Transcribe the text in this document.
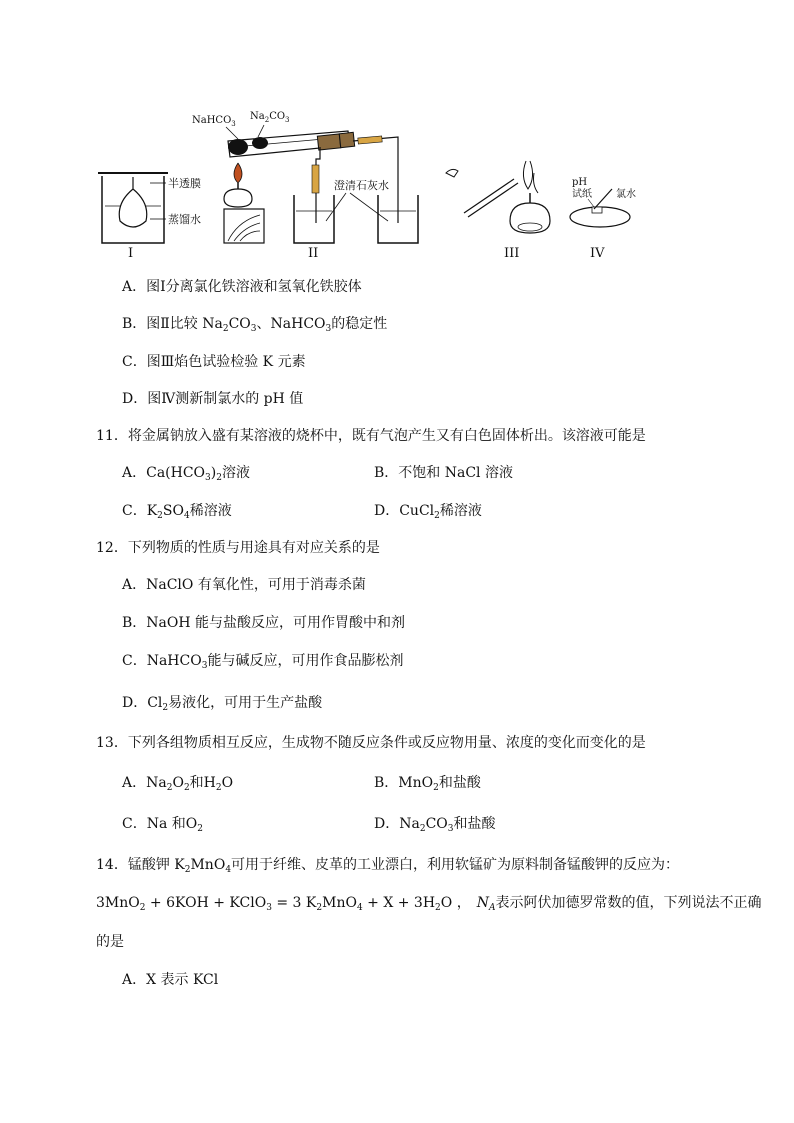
半透膜
蒸馏水
I
NaHCO$_3$
$Na_2CO_3$
澄清石灰水
II	III
pH
试纸 氯水
IV
A．图Ⅰ分离氯化铁溶液和氢氧化铁胶体
B．图Ⅱ比较 $Na_2CO_3$、NaHCO$_3$的稳定性
C．图Ⅲ焰色试验检验 K 元素
D．图Ⅳ测新制氯水的 pH 值
11．将金属钠放入盛有某溶液的烧杯中，既有气泡产生又有白色固体析出。该溶液可能是
A．$Ca(HCO_3)_2$溶液	B．不饱和 NaCl 溶液
C．$K_2SO_4$稀溶液	D．CuCl$_2$稀溶液
12．下列物质的性质与用途具有对应关系的是
A．NaClO 有氧化性，可用于消毒杀菌
B．NaOH 能与盐酸反应，可用作胃酸中和剂
C．NaHCO$_3$能与碱反应，可用作食品膨松剂
D．$Cl_2$易液化，可用于生产盐酸
13．下列各组物质相互反应，生成物不随反应条件或反应物用量、浓度的变化而变化的是
A．$Na_2O_2$和$H_2O$	B．MnO$_2$和盐酸
C．Na 和$O_2$	D．$Na_2CO_3$和盐酸
14．锰酸钾 $K_2MnO_4$可用于纤维、皮革的工业漂白，利用软锰矿为原料制备锰酸钾的反应为：
3MnO$_2$ + 6KOH + KClO$_3$ = 3 $K_2MnO_4 + X + 3H_2O$ ， $N_A$表示阿伏加德罗常数的值，下列说法不正确
的是
A．X 表示 KCl
